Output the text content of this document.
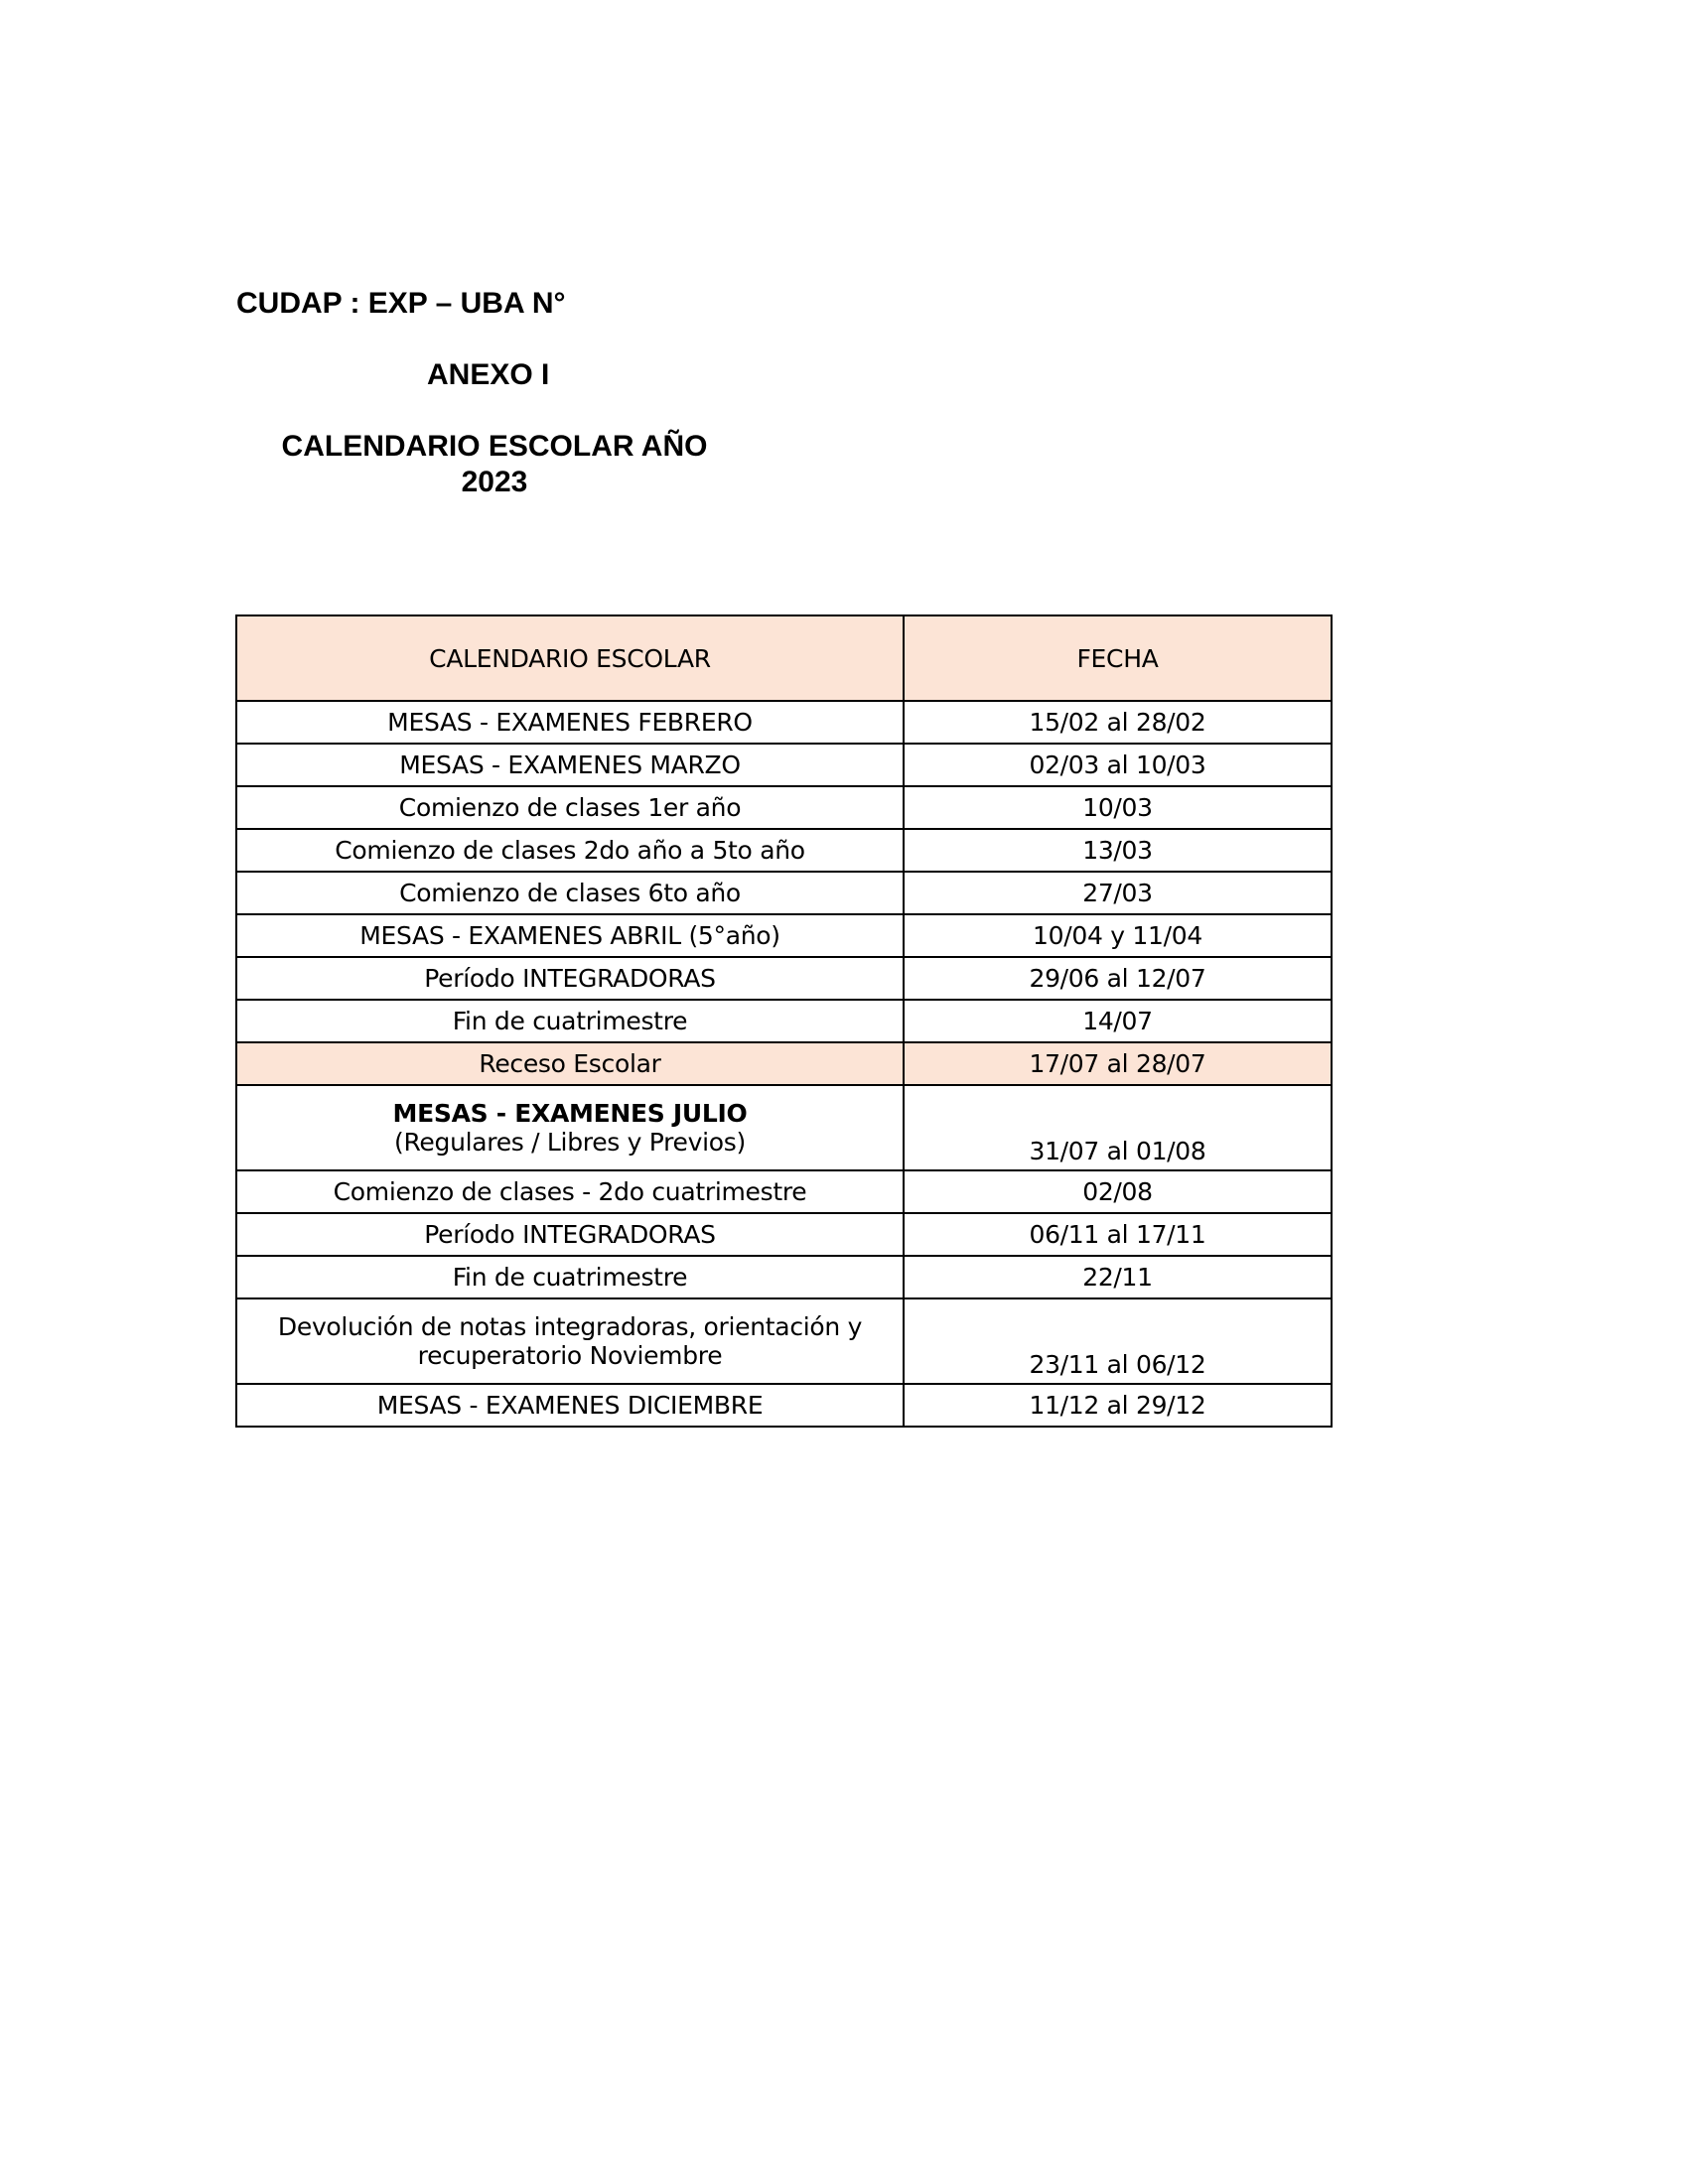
CUDAP : EXP – UBA N°
ANEXO I
CALENDARIO ESCOLAR AÑO
2023
CALENDARIO ESCOLAR	FECHA
MESAS - EXAMENES FEBRERO	15/02 al 28/02
MESAS - EXAMENES MARZO	02/03 al 10/03
Comienzo de clases 1er año	10/03
Comienzo de clases 2do año a 5to año	13/03
Comienzo de clases 6to año	27/03
MESAS - EXAMENES ABRIL (5°año)	10/04 y 11/04
Período INTEGRADORAS	29/06 al 12/07
Fin de cuatrimestre	14/07
Receso Escolar	17/07 al 28/07
MESAS - EXAMENES JULIO
(Regulares / Libres y Previos)	31/07 al 01/08
Comienzo de clases - 2do cuatrimestre	02/08
Período INTEGRADORAS	06/11 al 17/11
Fin de cuatrimestre	22/11
Devolución de notas integradoras, orientación y recuperatorio Noviembre	23/11 al 06/12
MESAS - EXAMENES DICIEMBRE	11/12 al 29/12
